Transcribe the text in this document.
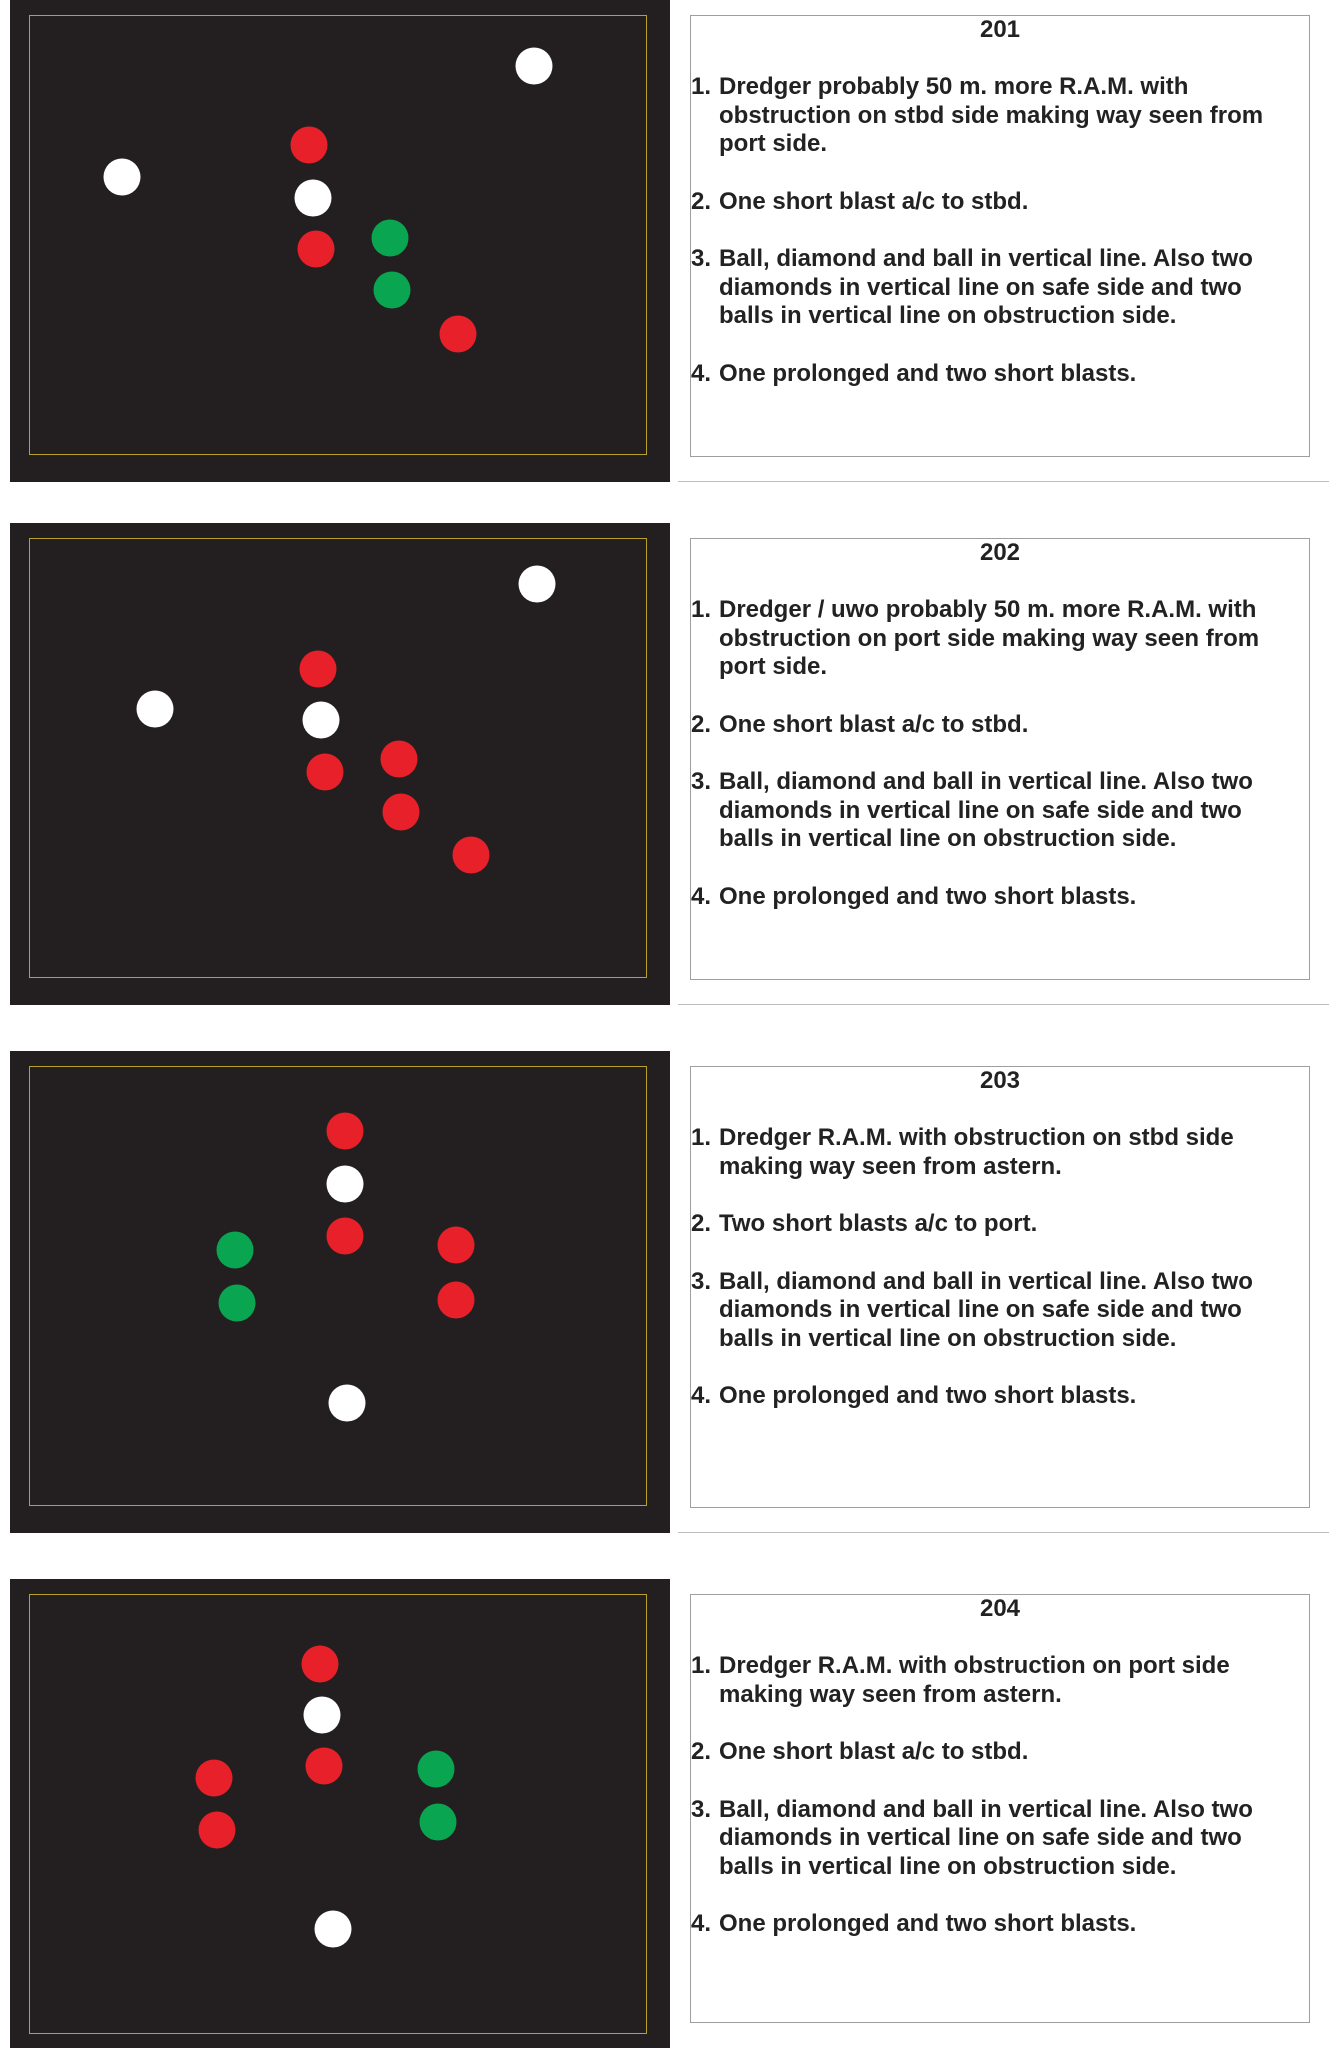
201
1. Dredger probably 50 m. more R.A.M. with obstruction on stbd side making way seen from port side.
2. One short blast a/c to stbd.
3. Ball, diamond and ball in vertical line. Also two diamonds in vertical line on safe side and two balls in vertical line on obstruction side.
4. One prolonged and two short blasts.
202
1. Dredger / uwo probably 50 m. more R.A.M. with obstruction on port side making way seen from port side.
2. One short blast a/c to stbd.
3. Ball, diamond and ball in vertical line. Also two diamonds in vertical line on safe side and two balls in vertical line on obstruction side.
4. One prolonged and two short blasts.
203
1. Dredger R.A.M. with obstruction on stbd side making way seen from astern.
2. Two short blasts a/c to port.
3. Ball, diamond and ball in vertical line. Also two diamonds in vertical line on safe side and two balls in vertical line on obstruction side.
4. One prolonged and two short blasts.
204
1. Dredger R.A.M. with obstruction on port side making way seen from astern.
2. One short blast a/c to stbd.
3. Ball, diamond and ball in vertical line. Also two diamonds in vertical line on safe side and two balls in vertical line on obstruction side.
4. One prolonged and two short blasts.
